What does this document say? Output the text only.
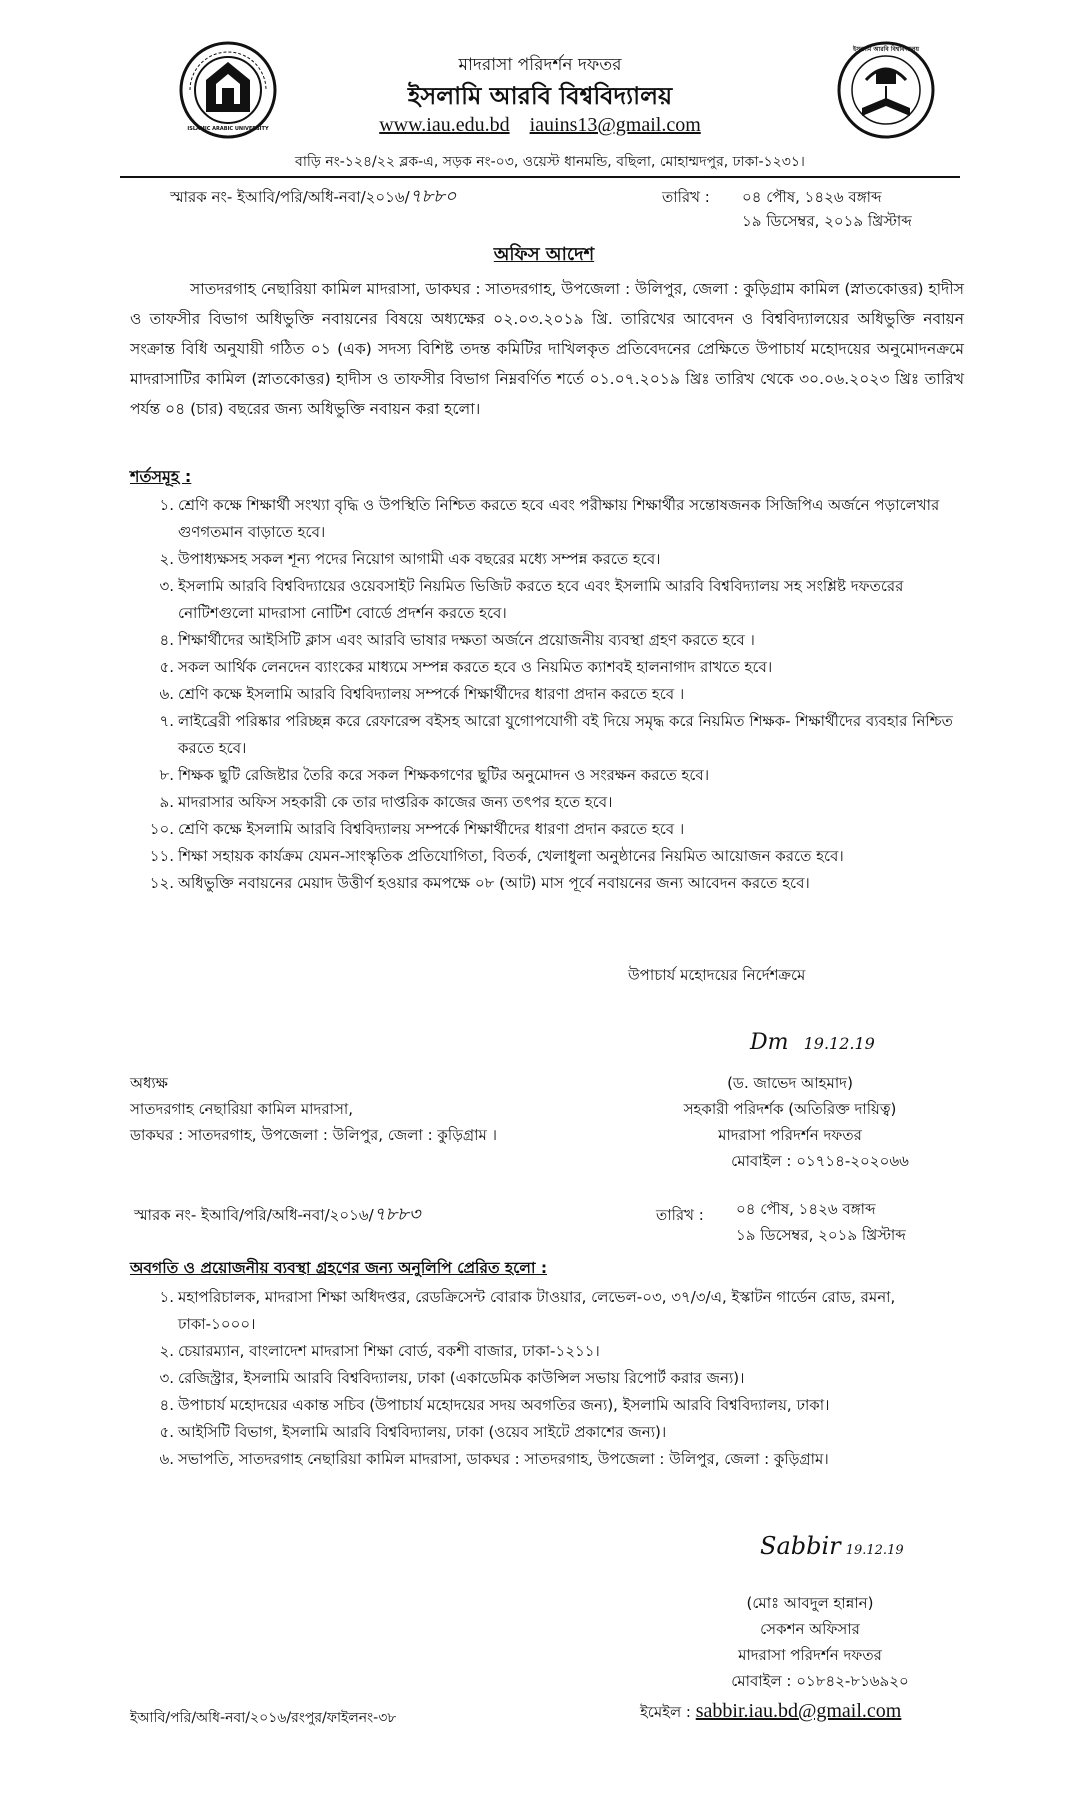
ISLAMIC ARABIC UNIVERSITY
ইসলামি আরবি বিশ্ববিদ্যালয়
মাদরাসা পরিদর্শন দফতর
ইসলামি আরবি বিশ্ববিদ্যালয়
www.iau.edu.bd iauins13@gmail.com
বাড়ি নং-১২৪/২২ ব্লক-এ, সড়ক নং-০৩, ওয়েস্ট ধানমন্ডি, বছিলা, মোহাম্মদপুর, ঢাকা-১২৩১।
স্মারক নং- ইআবি/পরি/অধি-নবা/২০১৬/৭৮৮০	তারিখ : ০৪ পৌষ, ১৪২৬ বঙ্গাব্দ
১৯ ডিসেম্বর, ২০১৯ খ্রিস্টাব্দ
অফিস আদেশ
সাতদরগাহ নেছারিয়া কামিল মাদরাসা, ডাকঘর : সাতদরগাহ, উপজেলা : উলিপুর, জেলা : কুড়িগ্রাম কামিল (স্নাতকোত্তর) হাদীস ও তাফসীর বিভাগ অধিভুক্তি নবায়নের বিষয়ে অধ্যক্ষের ০২.০৩.২০১৯ খ্রি. তারিখের আবেদন ও বিশ্ববিদ্যালয়ের অধিভুক্তি নবায়ন সংক্রান্ত বিধি অনুযায়ী গঠিত ০১ (এক) সদস্য বিশিষ্ট তদন্ত কমিটির দাখিলকৃত প্রতিবেদনের প্রেক্ষিতে উপাচার্য মহোদয়ের অনুমোদনক্রমে মাদরাসাটির কামিল (স্নাতকোত্তর) হাদীস ও তাফসীর বিভাগ নিম্নবর্ণিত শর্তে ০১.০৭.২০১৯ খ্রিঃ তারিখ থেকে ৩০.০৬.২০২৩ খ্রিঃ তারিখ পর্যন্ত ০৪ (চার) বছরের জন্য অধিভুক্তি নবায়ন করা হলো।
শর্তসমূহ :
১. শ্রেণি কক্ষে শিক্ষার্থী সংখ্যা বৃদ্ধি ও উপস্থিতি নিশ্চিত করতে হবে এবং পরীক্ষায় শিক্ষার্থীর সন্তোষজনক সিজিপিএ অর্জনে পড়ালেখার গুণগতমান বাড়াতে হবে।
২. উপাধ্যক্ষসহ সকল শূন্য পদের নিয়োগ আগামী এক বছরের মধ্যে সম্পন্ন করতে হবে।
৩. ইসলামি আরবি বিশ্ববিদ্যায়ের ওয়েবসাইট নিয়মিত ভিজিট করতে হবে এবং ইসলামি আরবি বিশ্ববিদ্যালয় সহ সংশ্লিষ্ট দফতরের নোটিশগুলো মাদরাসা নোটিশ বোর্ডে প্রদর্শন করতে হবে।
৪. শিক্ষার্থীদের আইসিটি ক্লাস এবং আরবি ভাষার দক্ষতা অর্জনে প্রয়োজনীয় ব্যবস্থা গ্রহণ করতে হবে ।
৫. সকল আর্থিক লেনদেন ব্যাংকের মাধ্যমে সম্পন্ন করতে হবে ও নিয়মিত ক্যাশবই হালনাগাদ রাখতে হবে।
৬. শ্রেণি কক্ষে ইসলামি আরবি বিশ্ববিদ্যালয় সম্পর্কে শিক্ষার্থীদের ধারণা প্রদান করতে হবে ।
৭. লাইব্রেরী পরিষ্কার পরিচ্ছন্ন করে রেফারেন্স বইসহ আরো যুগোপযোগী বই দিয়ে সমৃদ্ধ করে নিয়মিত শিক্ষক- শিক্ষার্থীদের ব্যবহার নিশ্চিত করতে হবে।
৮. শিক্ষক ছুটি রেজিষ্টার তৈরি করে সকল শিক্ষকগণের ছুটির অনুমোদন ও সংরক্ষন করতে হবে।
৯. মাদরাসার অফিস সহকারী কে তার দাপ্তরিক কাজের জন্য তৎপর হতে হবে।
১০. শ্রেণি কক্ষে ইসলামি আরবি বিশ্ববিদ্যালয় সম্পর্কে শিক্ষার্থীদের ধারণা প্রদান করতে হবে ।
১১. শিক্ষা সহায়ক কার্যক্রম যেমন-সাংস্কৃতিক প্রতিযোগিতা, বিতর্ক, খেলাধুলা অনুষ্ঠানের নিয়মিত আয়োজন করতে হবে।
১২. অধিভুক্তি নবায়নের মেয়াদ উত্তীর্ণ হওয়ার কমপক্ষে ০৮ (আট) মাস পূর্বে নবায়নের জন্য আবেদন করতে হবে।
উপাচার্য মহোদয়ের নির্দেশক্রমে
Dm 19.12.19
(ড. জাভেদ আহমাদ)
সহকারী পরিদর্শক (অতিরিক্ত দায়িত্ব)
মাদরাসা পরিদর্শন দফতর
মোবাইল : ০১৭১৪-২০২০৬৬
অধ্যক্ষ
সাতদরগাহ নেছারিয়া কামিল মাদরাসা,
ডাকঘর : সাতদরগাহ, উপজেলা : উলিপুর, জেলা : কুড়িগ্রাম ।
স্মারক নং- ইআবি/পরি/অধি-নবা/২০১৬/৭৮৮৩	তারিখ : ০৪ পৌষ, ১৪২৬ বঙ্গাব্দ
১৯ ডিসেম্বর, ২০১৯ খ্রিস্টাব্দ
অবগতি ও প্রয়োজনীয় ব্যবস্থা গ্রহণের জন্য অনুলিপি প্রেরিত হলো :
১. মহাপরিচালক, মাদরাসা শিক্ষা অধিদপ্তর, রেডক্রিসেন্ট বোরাক টাওয়ার, লেভেল-০৩, ৩৭/৩/এ, ইস্কাটন গার্ডেন রোড, রমনা, ঢাকা-১০০০।
২. চেয়ারম্যান, বাংলাদেশ মাদরাসা শিক্ষা বোর্ড, বকশী বাজার, ঢাকা-১২১১।
৩. রেজিস্ট্রার, ইসলামি আরবি বিশ্ববিদ্যালয়, ঢাকা (একাডেমিক কাউন্সিল সভায় রিপোর্ট করার জন্য)।
৪. উপাচার্য মহোদয়ের একান্ত সচিব (উপাচার্য মহোদয়ের সদয় অবগতির জন্য), ইসলামি আরবি বিশ্ববিদ্যালয়, ঢাকা।
৫. আইসিটি বিভাগ, ইসলামি আরবি বিশ্ববিদ্যালয়, ঢাকা (ওয়েব সাইটে প্রকাশের জন্য)।
৬. সভাপতি, সাতদরগাহ নেছারিয়া কামিল মাদরাসা, ডাকঘর : সাতদরগাহ, উপজেলা : উলিপুর, জেলা : কুড়িগ্রাম।
Sabbir 19.12.19
(মোঃ আবদুল হান্নান)
সেকশন অফিসার
মাদরাসা পরিদর্শন দফতর
মোবাইল : ০১৮৪২-৮১৬৯২০
ইমেইল : sabbir.iau.bd@gmail.com
ইআবি/পরি/অধি-নবা/২০১৬/রংপুর/ফাইলনং-৩৮
